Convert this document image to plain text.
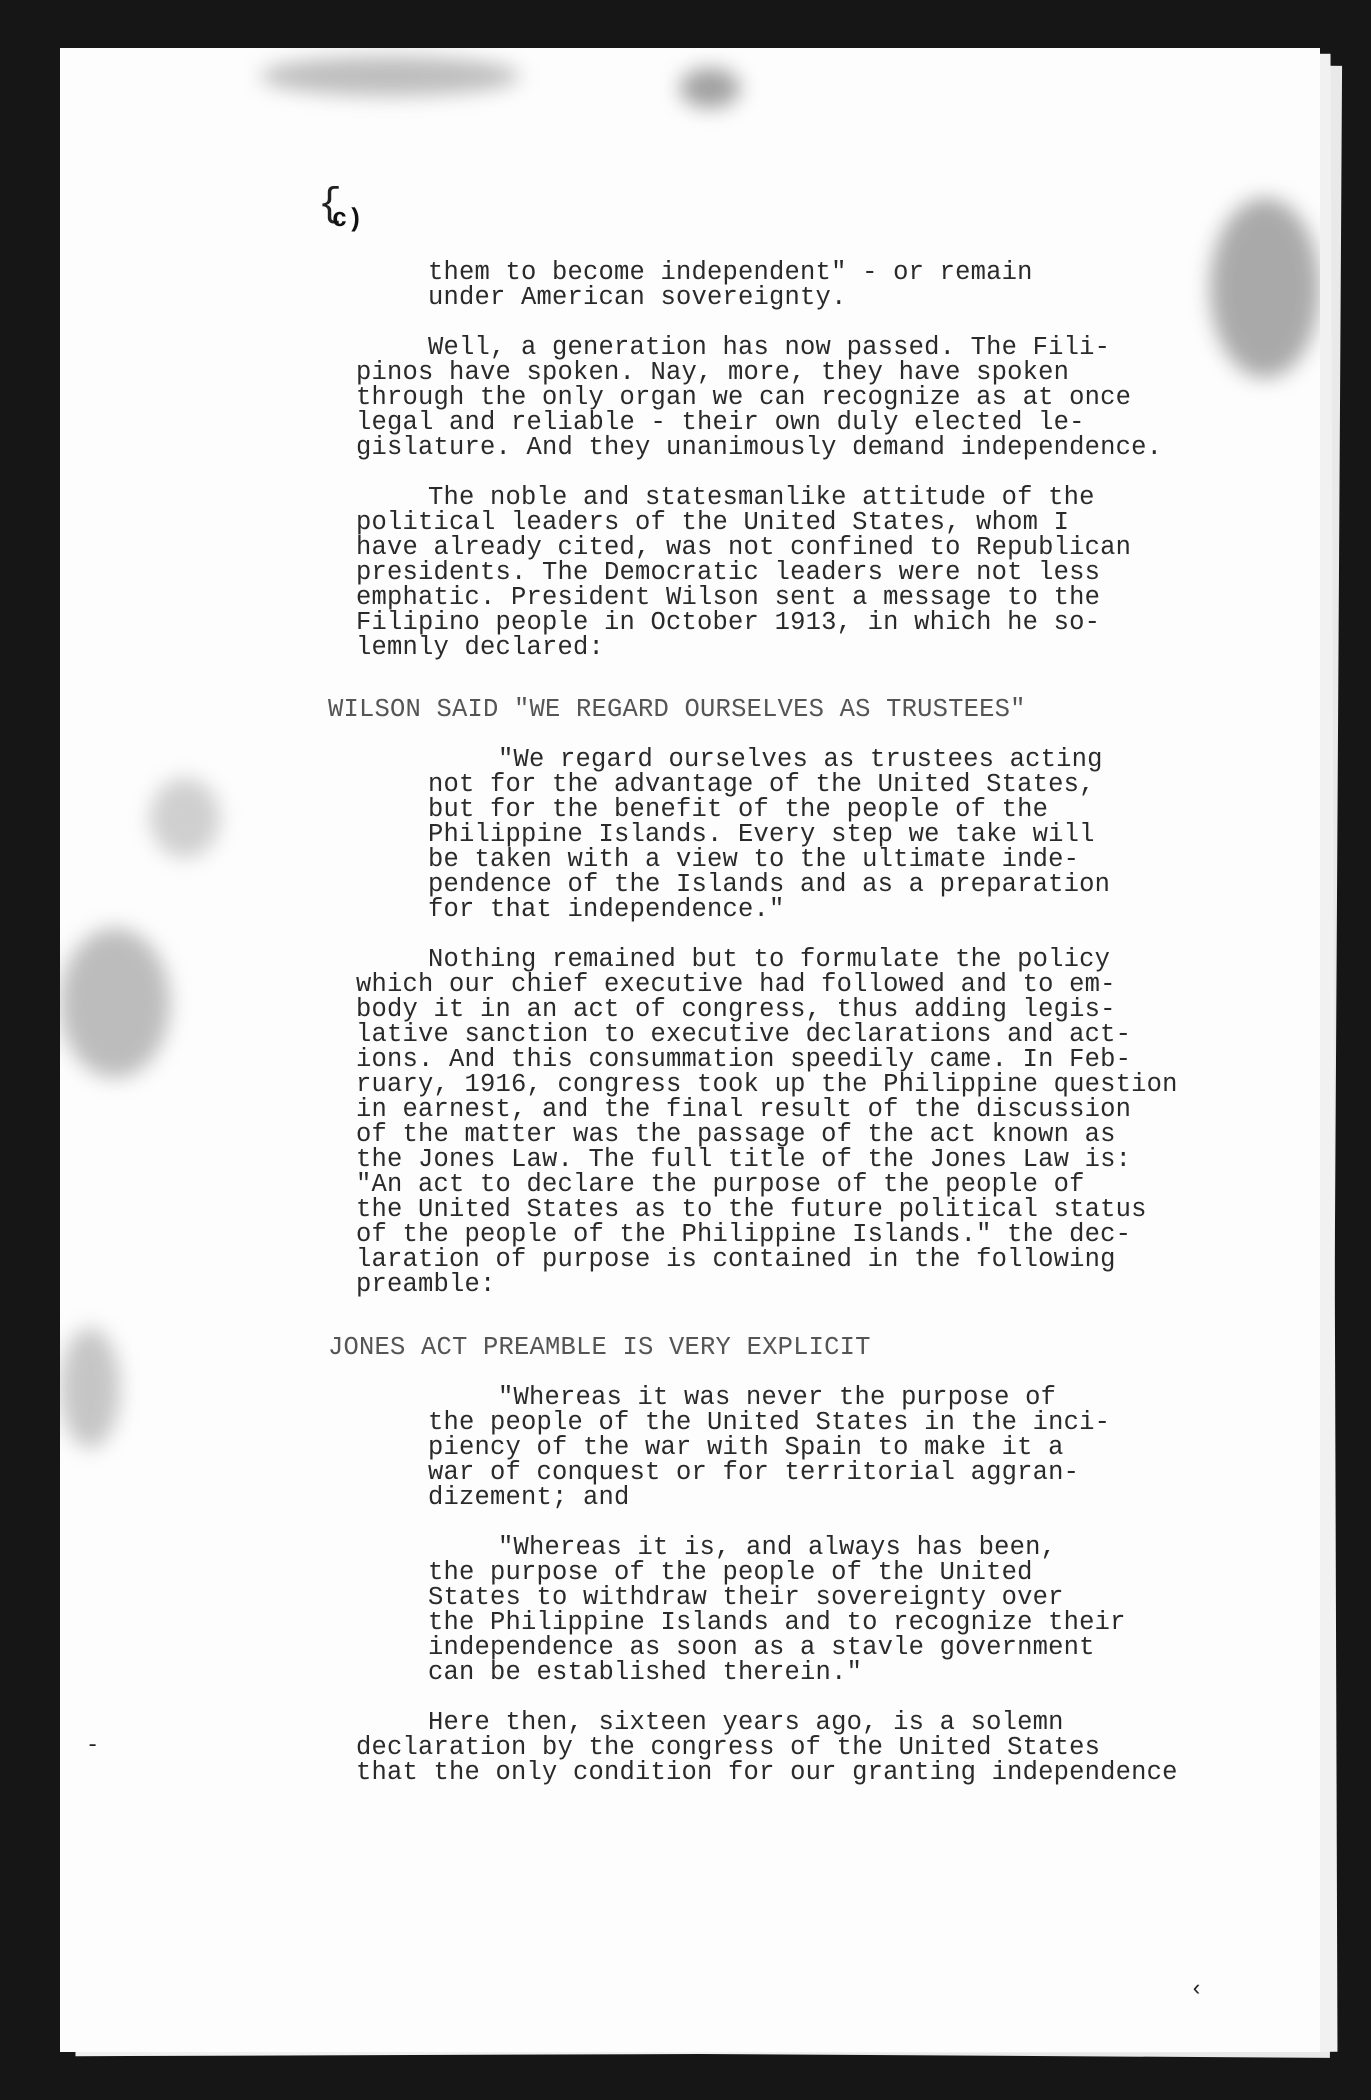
{
c)
them to become independent" - or remain
under American sovereignty.
Well, a generation has now passed. The Fili-
pinos have spoken. Nay, more, they have spoken
through the only organ we can recognize as at once
legal and reliable - their own duly elected le-
gislature. And they unanimously demand independence.
The noble and statesmanlike attitude of the
political leaders of the United States, whom I
have already cited, was not confined to Republican
presidents. The Democratic leaders were not less
emphatic. President Wilson sent a message to the
Filipino people in October 1913, in which he so-
lemnly declared:
WILSON SAID "WE REGARD OURSELVES AS TRUSTEES"
"We regard ourselves as trustees acting
not for the advantage of the United States,
but for the benefit of the people of the
Philippine Islands. Every step we take will
be taken with a view to the ultimate inde-
pendence of the Islands and as a preparation
for that independence."
Nothing remained but to formulate the policy
which our chief executive had followed and to em-
body it in an act of congress, thus adding legis-
lative sanction to executive declarations and act-
ions. And this consummation speedily came. In Feb-
ruary, 1916, congress took up the Philippine question
in earnest, and the final result of the discussion
of the matter was the passage of the act known as
the Jones Law. The full title of the Jones Law is:
"An act to declare the purpose of the people of
the United States as to the future political status
of the people of the Philippine Islands." the dec-
laration of purpose is contained in the following
preamble:
JONES ACT PREAMBLE IS VERY EXPLICIT
"Whereas it was never the purpose of
the people of the United States in the inci-
piency of the war with Spain to make it a
war of conquest or for territorial aggran-
dizement; and
"Whereas it is, and always has been,
the purpose of the people of the United
States to withdraw their sovereignty over
the Philippine Islands and to recognize their
independence as soon as a stavle government
can be established therein."
Here then, sixteen years ago, is a solemn
declaration by the congress of the United States
that the only condition for our granting independence
-
‹
